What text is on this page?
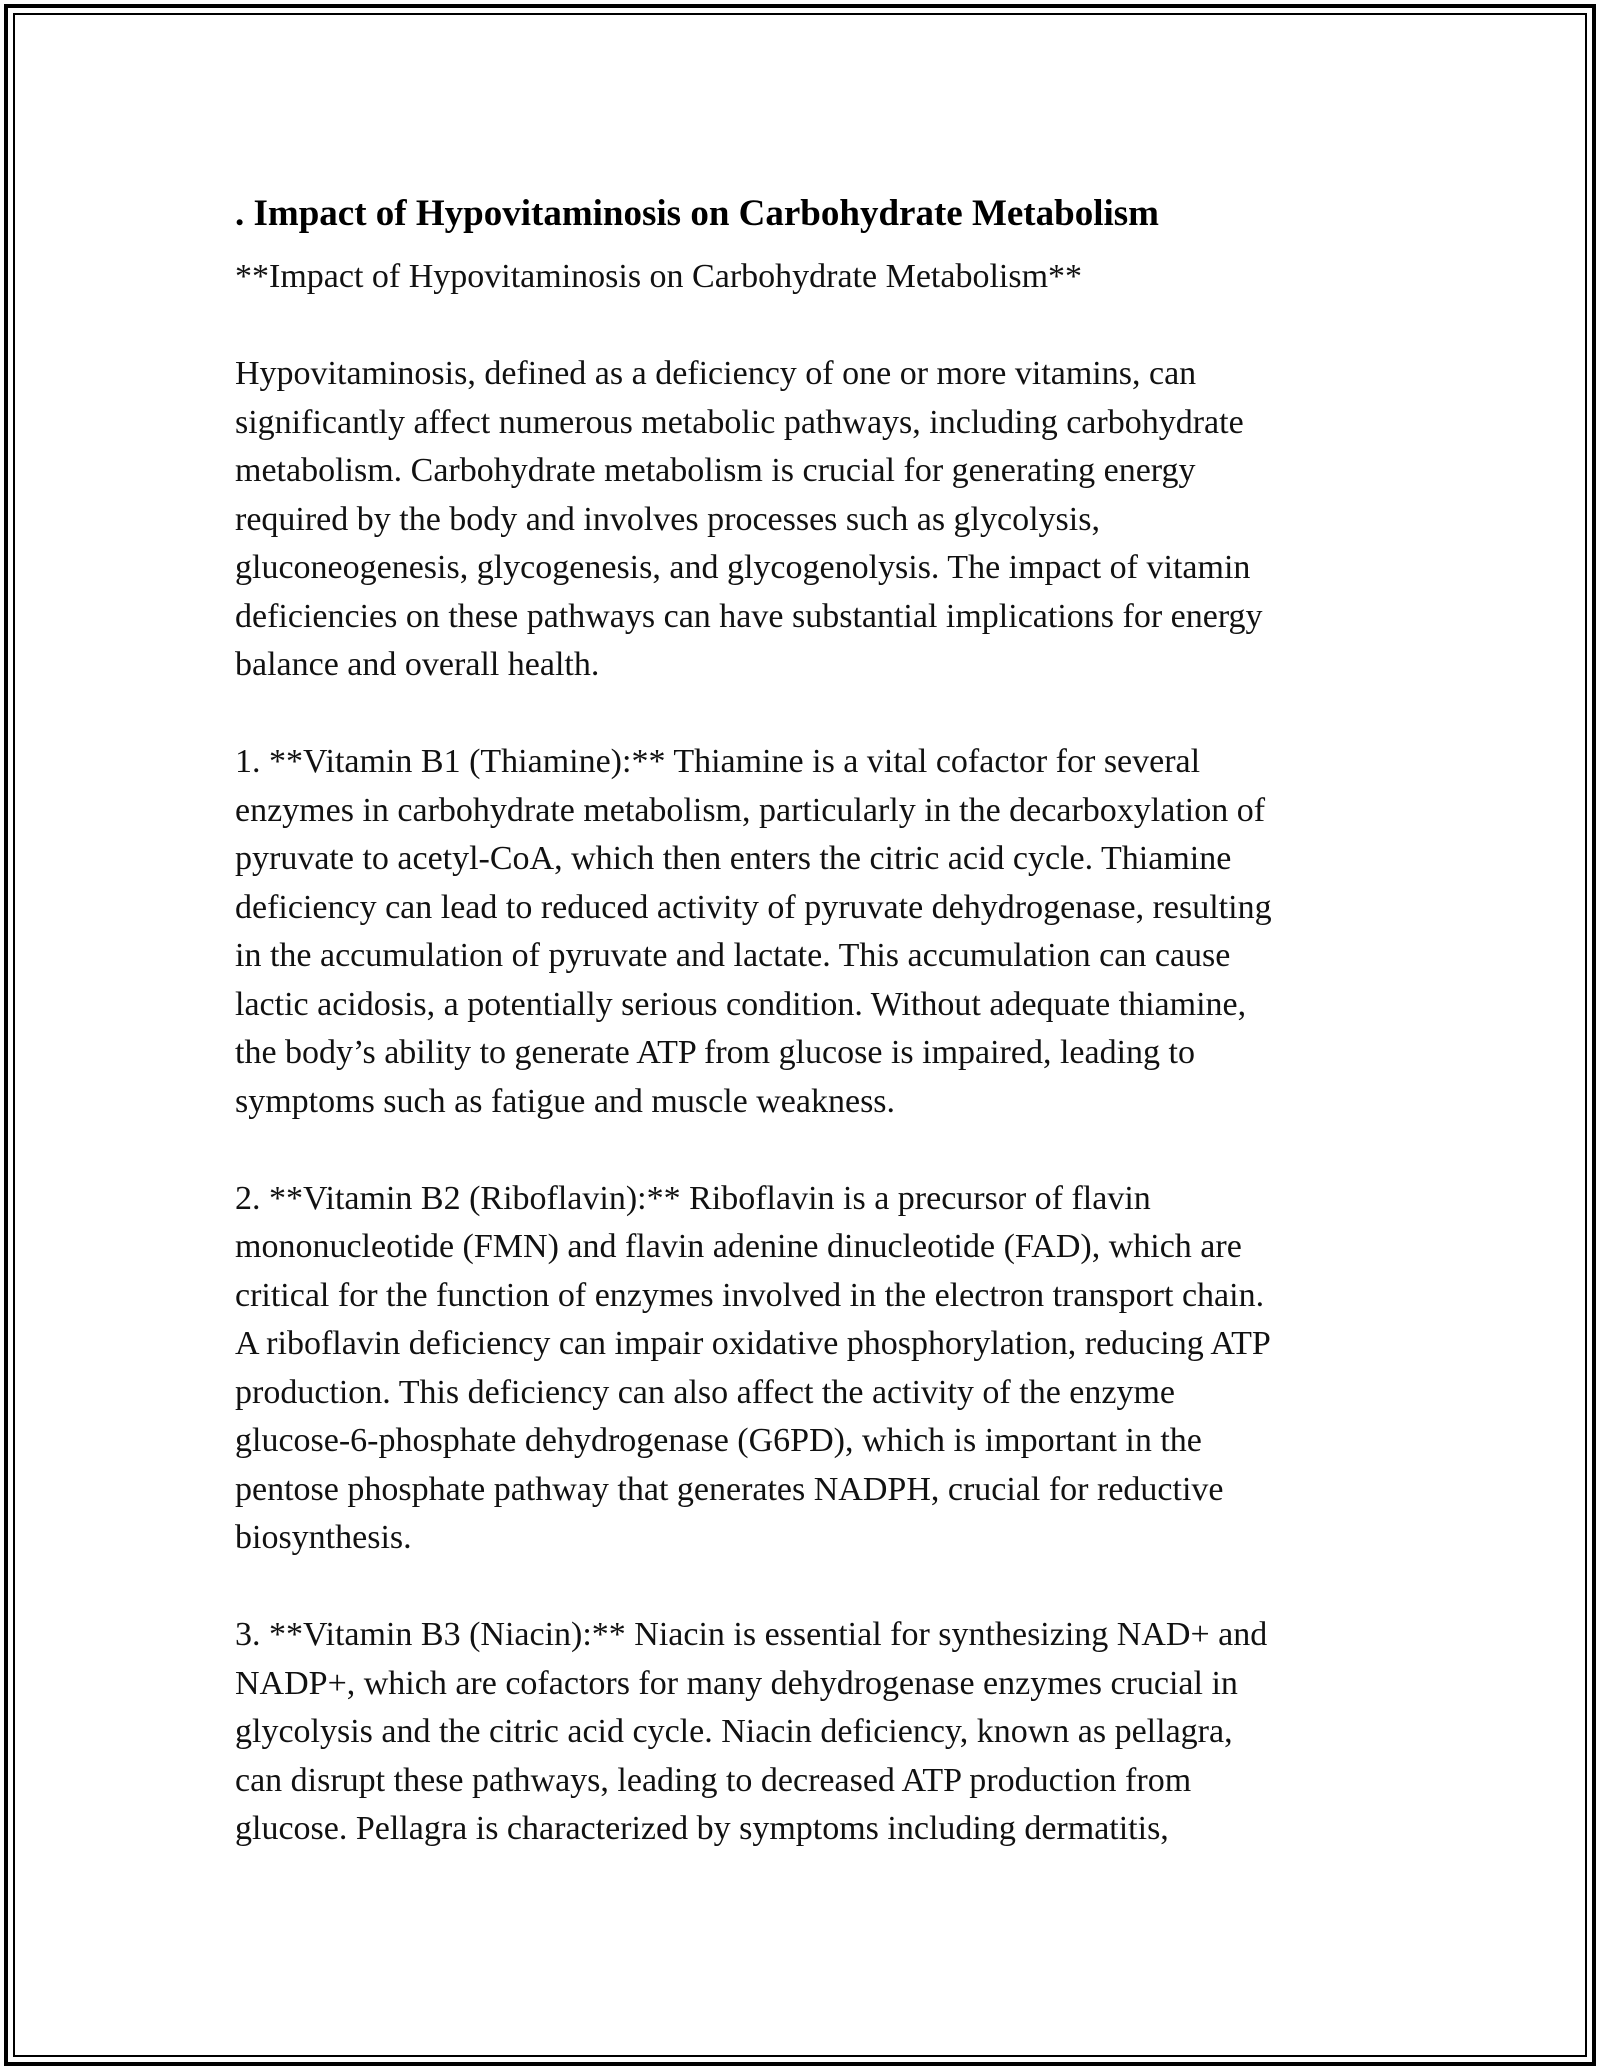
. Impact of Hypovitaminosis on Carbohydrate Metabolism

**Impact of Hypovitaminosis on Carbohydrate Metabolism**

Hypovitaminosis, defined as a deficiency of one or more vitamins, can
significantly affect numerous metabolic pathways, including carbohydrate
metabolism. Carbohydrate metabolism is crucial for generating energy
required by the body and involves processes such as glycolysis,
gluconeogenesis, glycogenesis, and glycogenolysis. The impact of vitamin
deficiencies on these pathways can have substantial implications for energy
balance and overall health.

1. **Vitamin B1 (Thiamine):** Thiamine is a vital cofactor for several
enzymes in carbohydrate metabolism, particularly in the decarboxylation of
pyruvate to acetyl-CoA, which then enters the citric acid cycle. Thiamine
deficiency can lead to reduced activity of pyruvate dehydrogenase, resulting
in the accumulation of pyruvate and lactate. This accumulation can cause
lactic acidosis, a potentially serious condition. Without adequate thiamine,
the body’s ability to generate ATP from glucose is impaired, leading to
symptoms such as fatigue and muscle weakness.

2. **Vitamin B2 (Riboflavin):** Riboflavin is a precursor of flavin
mononucleotide (FMN) and flavin adenine dinucleotide (FAD), which are
critical for the function of enzymes involved in the electron transport chain.
A riboflavin deficiency can impair oxidative phosphorylation, reducing ATP
production. This deficiency can also affect the activity of the enzyme
glucose-6-phosphate dehydrogenase (G6PD), which is important in the
pentose phosphate pathway that generates NADPH, crucial for reductive
biosynthesis.

3. **Vitamin B3 (Niacin):** Niacin is essential for synthesizing NAD+ and
NADP+, which are cofactors for many dehydrogenase enzymes crucial in
glycolysis and the citric acid cycle. Niacin deficiency, known as pellagra,
can disrupt these pathways, leading to decreased ATP production from
glucose. Pellagra is characterized by symptoms including dermatitis,
